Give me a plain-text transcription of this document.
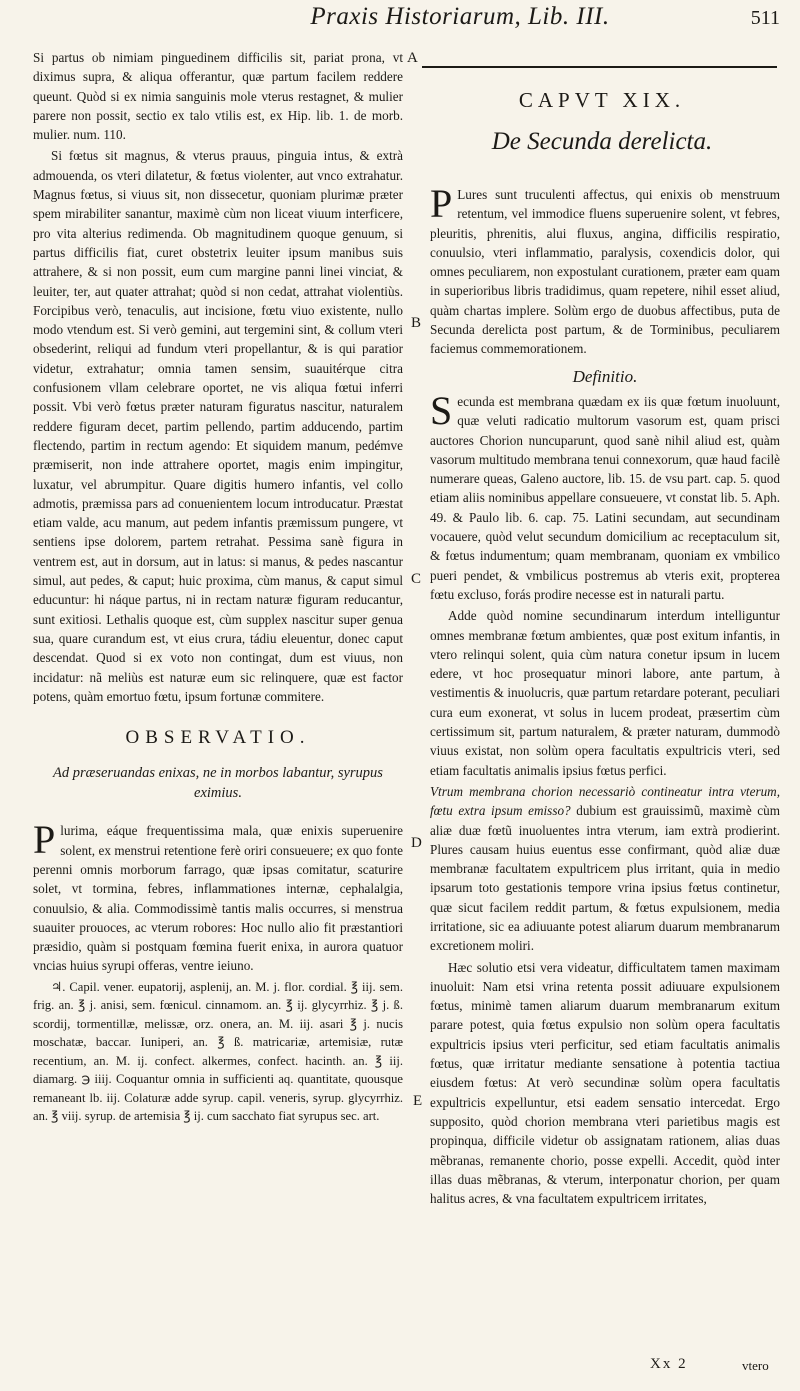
Praxis Historiarum, Lib. III.	511

Si partus ob nimiam pinguedinem difficilis sit, pariat prona, vt diximus supra, & aliqua offerantur, quæ partum facilem reddere queunt. Quòd si ex nimia sanguinis mole vterus restagnet, & mulier parere non possit, sectio ex talo vtilis est, ex Hip. lib. 1. de morb. mulier. num. 110.

Si fœtus sit magnus, & vterus prauus, pinguia intus, & extrà admouenda, os vteri dilatetur, & fœtus violenter, aut vnco extrahatur. Magnus fœtus, si viuus sit, non dissecetur, quoniam plurimæ præter spem mirabiliter sanantur, maximè cùm non liceat viuum interficere, pro vita alterius redimenda. Ob magnitudinem quoque genuum, si partus difficilis fiat, curet obstetrix leuiter ipsum manibus suis attrahere, & si non possit, eum cum margine panni linei vinciat, & leuiter, ter, aut quater attrahat; quòd si non cedat, attrahat violentiùs. Forcipibus verò, tenaculis, aut incisione, fœtu viuo existente, nullo modo vtendum est. Si verò gemini, aut tergemini sint, & collum vteri obsederint, reliqui ad fundum vteri propellantur, & is qui paratior videtur, extrahatur; omnia tamen sensim, suauitérque citra confusionem vllam celebrare oportet, ne vis aliqua fœtui inferri possit. Vbi verò fœtus præter naturam figuratus nascitur, naturalem reddere figuram decet, partim pellendo, partim adducendo, partim flectendo, partim in rectum agendo: Et siquidem manum, pedémve præmiserit, non inde attrahere oportet, magis enim impingitur, luxatur, vel abrumpitur. Quare digitis humero infantis, vel collo admotis, præmissa pars ad conuenientem locum introducatur. Præstat etiam valde, acu manum, aut pedem infantis præmissum pungere, vt sentiens ipse dolorem, partem retrahat. Pessima sanè figura in ventrem est, aut in dorsum, aut in latus: si manus, & pedes nascantur simul, aut pedes, & caput; huic proxima, cùm manus, & caput simul educuntur: hi náque partus, ni in rectam naturæ figuram reducantur, sunt exitiosi. Lethalis quoque est, cùm supplex nascitur super genua sua, quare curandum est, vt eius crura, tádiu eleuentur, donec caput descendat. Quod si ex voto non contingat, dum est viuus, non incidatur: nã meliùs est naturæ eum sic relinquere, quæ est factor potens, quàm emortuo fœtu, ipsum fortunæ commitere.

OBSERVATIO.
Ad præseruandas enixas, ne in morbos labantur, syrupus eximius.

P lurima, eáque frequentissima mala, quæ enixis superuenire solent, ex menstrui retentione ferè oriri consueuere; ex quo fonte perenni omnis morborum farrago, quæ ipsas comitatur, scaturire solet, vt tormina, febres, inflammationes internæ, cephalalgia, conuulsio, & alia. Commodissimè tantis malis occurres, si menstrua suauiter prouoces, ac vterum robores: Hoc nullo alio fit præstantiori præsidio, quàm si postquam fœmina fuerit enixa, in aurora quatuor vncias huius syrupi offeras, ventre ieiuno.

♃. Capil. vener. eupatorij, asplenij, an. M. j. flor. cordial. ℥ iij. sem. frig. an. ℥ j. anisi, sem. fœnicul. cinnamom. an. ℥ ij. glycyrrhiz. ℥ j. ß. scordij, tormentillæ, melissæ, orz. onera, an. M. iij. asari ℥ j. nucis moschatæ, baccar. Iuniperi, an. ℥ ß. matricariæ, artemisiæ, rutæ recentium, an. M. ij. confect. alkermes, confect. hacinth. an. ℥ iij. diamarg. ℈ iiij. Coquantur omnia in sufficienti aq. quantitate, quousque remaneant lb. iij. Colaturæ adde syrup. capil. veneris, syrup. glycyrrhiz. an. ℥ viij. syrup. de artemisia ℥ ij. cum sacchato fiat syrupus sec. art.

CAPVT XIX.
De Secunda derelicta.

P Lures sunt truculenti affectus, qui enixis ob menstruum retentum, vel immodice fluens superuenire solent, vt febres, pleuritis, phrenitis, alui fluxus, angina, difficilis respiratio, conuulsio, vteri inflammatio, paralysis, coxendicis dolor, qui omnes peculiarem, non expostulant curationem, præter eam quam in superioribus libris tradidimus, quam repetere, nihil esset aliud, quàm chartas implere. Solùm ergo de duobus affectibus, puta de Secunda derelicta post partum, & de Torminibus, peculiarem faciemus commemorationem.

Definitio.

S ecunda est membrana quædam ex iis quæ fœtum inuoluunt, quæ veluti radicatio multorum vasorum est, quam prisci auctores Chorion nuncuparunt, quod sanè nihil aliud est, quàm vasorum multitudo membrana tenui connexorum, quæ haud facilè numerare queas, Galeno auctore, lib. 15. de vsu part. cap. 5. quod etiam aliis nominibus appellare consueuere, vt constat lib. 5. Aph. 49. & Paulo lib. 6. cap. 75. Latini secundam, aut secundinam vocauere, quòd velut secundum domicilium ac receptaculum sit, & fœtus indumentum; quam membranam, quoniam ex vmbilico pueri pendet, & vmbilicus postremus ab vteris exit, propterea fœtu excluso, forás prodire necesse est in naturali partu.

Adde quòd nomine secundinarum interdum intelliguntur omnes membranæ fœtum ambientes, quæ post exitum infantis, in vtero relinqui solent, quia cùm natura conetur ipsum in lucem edere, vt hoc prosequatur minori labore, ante partum, à vestimentis & inuolucris, quæ partum retardare poterant, peculiari cura eum exonerat, vt solus in lucem prodeat, præsertim cùm certissimum sit, partum naturalem, & præter naturam, dummodò viuus existat, non solùm opera facultatis expultricis vteri, sed etiam facultatis animalis ipsius fœtus perfici.

Vtrum membrana chorion necessariò contineatur intra vterum, fœtu extra ipsum emisso? dubium est grauissimũ, maximè cùm aliæ duæ fœtũ inuoluentes intra vterum, iam extrà prodierint. Plures causam huius euentus esse confirmant, quòd aliæ duæ membranæ facultatem expultricem plus irritant, quia in medio ipsarum toto gestationis tempore vrina ipsius fœtus continetur, quæ sicut facilem reddit partum, & fœtus expulsionem, media irritatione, sic ea adiuuante potest aliarum duarum membranarum excretionem moliri.

Hæc solutio etsi vera videatur, difficultatem tamen maximam inuoluit: Nam etsi vrina retenta possit adiuuare expulsionem fœtus, minimè tamen aliarum duarum membranarum exitum parare potest, quia fœtus expulsio non solùm opera facultatis expultricis ipsius vteri perficitur, sed etiam facultatis animalis fœtus, quæ irritatur mediante sensatione à potentia tactiua eiusdem fœtus: At verò secundinæ solùm opera facultatis expultricis expelluntur, etsi eadem sensatio intercedat. Ergo supposito, quòd chorion membrana vteri parietibus magis est propinqua, difficile videtur ob assignatam rationem, alias duas mẽbranas, remanente chorio, posse expelli. Accedit, quòd inter illas duas mẽbranas, & vterum, interponatur chorion, per quam halitus acres, & vna facultatem expultricem irritates,

A
B
C
D
E
Xx 2	vtero
